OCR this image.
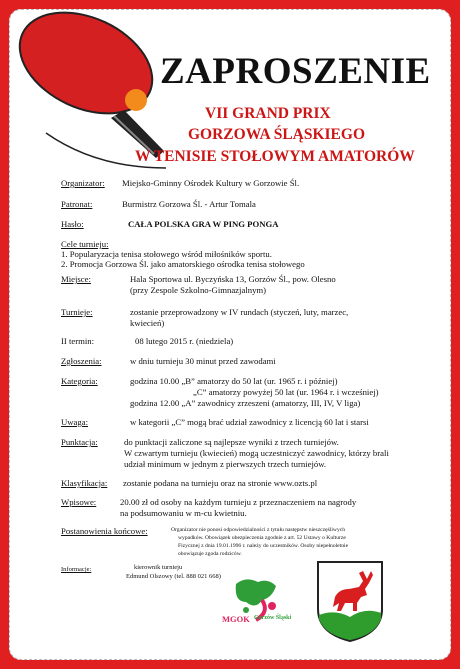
ZAPROSZENIE
VII GRAND PRIX
GORZOWA ŚLĄSKIEGO
W TENISIE STOŁOWYM AMATORÓW
Organizator: Miejsko-Gminny Ośrodek Kultury w Gorzowie Śl.
Patronat:	Burmistrz Gorzowa Śl. - Artur Tomala
Hasło:	CAŁA POLSKA GRA W PING PONGA
Cele turnieju:
1. Popularyzacja tenisa stołowego wśród miłośników sportu.
2. Promocja Gorzowa Śl. jako amatorskiego ośrodka tenisa stołowego
Miejsce:	Hala Sportowa ul. Byczyńska 13, Gorzów Śl., pow. Olesno
(przy Zespole Szkolno-Gimnazjalnym)
Turnieje:	zostanie przeprowadzony w IV rundach (styczeń, luty, marzec,
kwiecień)
II termin:	08 lutego 2015 r. (niedziela)
Zgłoszenia:	w dniu turnieju 30 minut przed zawodami
Kategoria:	godzina 10.00 „B” amatorzy do 50 lat (ur. 1965 r. i później)
„C” amatorzy powyżej 50 lat (ur. 1964 r. i wcześniej)
godzina 12.00 „A” zawodnicy zrzeszeni (amatorzy, III, IV, V liga)
Uwaga:	w kategorii „C” mogą brać udział zawodnicy z licencją 60 lat i starsi
Punktacja:	do punktacji zaliczone są najlepsze wyniki z trzech turniejów.
W czwartym turnieju (kwiecień) mogą uczestniczyć zawodnicy, którzy brali
udział minimum w jednym z pierwszych trzech turniejów.
Klasyfikacja: zostanie podana na turnieju oraz na stronie www.ozts.pl
Wpisowe:	20.00 zł od osoby na każdym turnieju z przeznaczeniem na nagrody
na podsumowaniu w m-cu kwietniu.
Postanowienia końcowe:	Organizator nie ponosi odpowiedzialności z tytułu następstw nieszczęśliwych
wypadków. Obowiązek ubezpieczenia zgodnie z art. 52 Ustawy o Kulturze
Fizycznej z dnia 19.01.1996 r. należy do uczestników. Osoby niepełnoletnie
obowiązuje zgoda rodziców.
Informacje:	kierownik turnieju
Edmund Olszowy (tel. 888 021 668)
MGOK Gorzów Śląski
